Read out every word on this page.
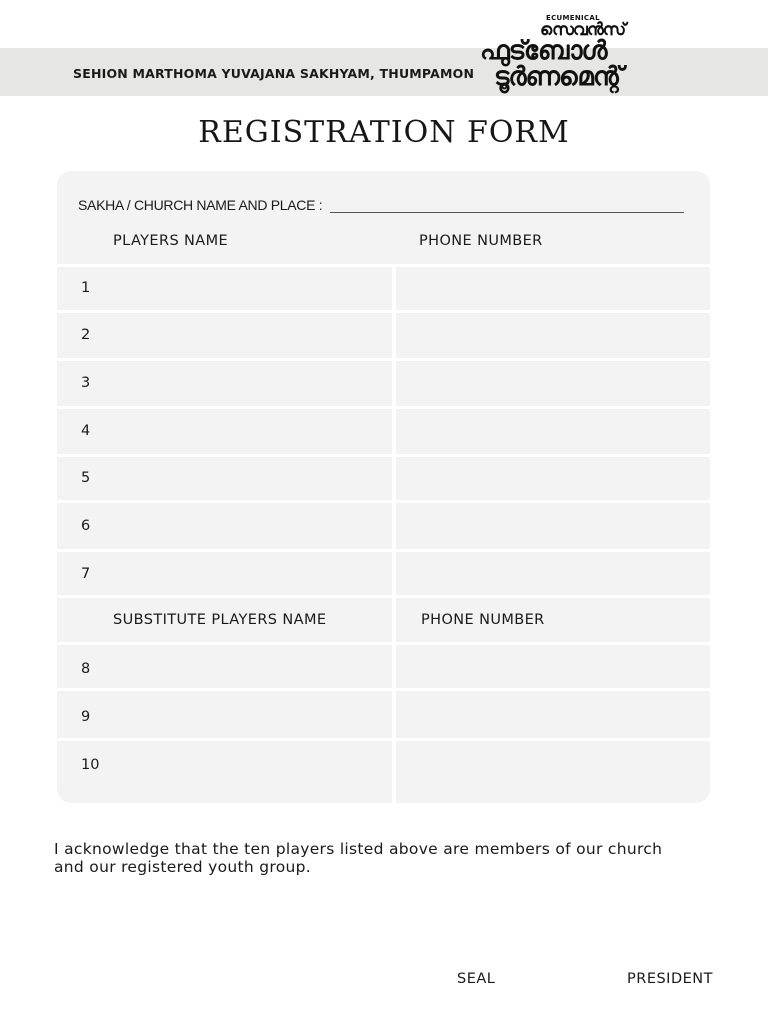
SEHION MARTHOMA YUVAJANA SAKHYAM, THUMPAMON
ECUMENICAL
സെവൻസ്
ഫുട്ബോൾ
ടൂർണമെന്റ്
REGISTRATION FORM
SAKHA / CHURCH NAME AND PLACE :
PLAYERS NAME	PHONE NUMBER
1
2
3
4
5
6
7
SUBSTITUTE PLAYERS NAME	PHONE NUMBER
8
9
10
I acknowledge that the ten players listed above are members of our church and our registered youth group.
SEAL	PRESIDENT
